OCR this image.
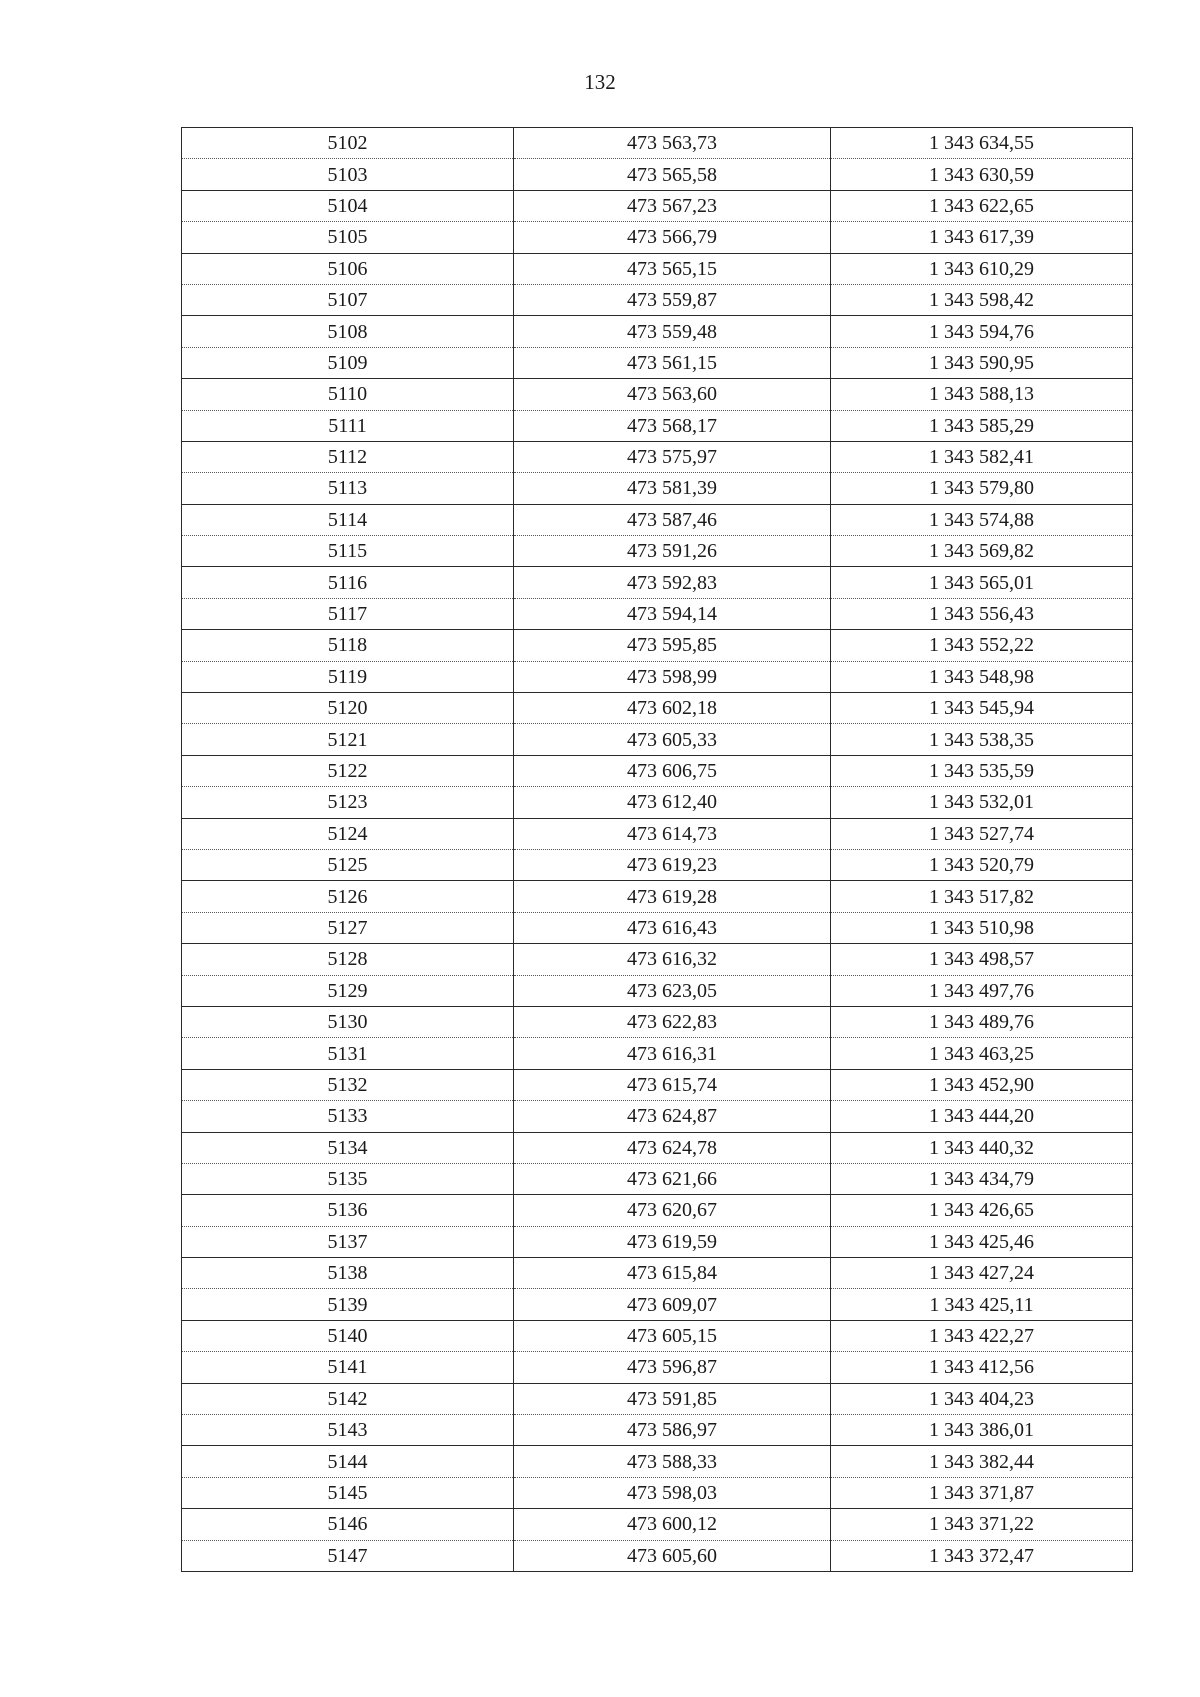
132
5102	473 563,73	1 343 634,55
5103	473 565,58	1 343 630,59
5104	473 567,23	1 343 622,65
5105	473 566,79	1 343 617,39
5106	473 565,15	1 343 610,29
5107	473 559,87	1 343 598,42
5108	473 559,48	1 343 594,76
5109	473 561,15	1 343 590,95
5110	473 563,60	1 343 588,13
5111	473 568,17	1 343 585,29
5112	473 575,97	1 343 582,41
5113	473 581,39	1 343 579,80
5114	473 587,46	1 343 574,88
5115	473 591,26	1 343 569,82
5116	473 592,83	1 343 565,01
5117	473 594,14	1 343 556,43
5118	473 595,85	1 343 552,22
5119	473 598,99	1 343 548,98
5120	473 602,18	1 343 545,94
5121	473 605,33	1 343 538,35
5122	473 606,75	1 343 535,59
5123	473 612,40	1 343 532,01
5124	473 614,73	1 343 527,74
5125	473 619,23	1 343 520,79
5126	473 619,28	1 343 517,82
5127	473 616,43	1 343 510,98
5128	473 616,32	1 343 498,57
5129	473 623,05	1 343 497,76
5130	473 622,83	1 343 489,76
5131	473 616,31	1 343 463,25
5132	473 615,74	1 343 452,90
5133	473 624,87	1 343 444,20
5134	473 624,78	1 343 440,32
5135	473 621,66	1 343 434,79
5136	473 620,67	1 343 426,65
5137	473 619,59	1 343 425,46
5138	473 615,84	1 343 427,24
5139	473 609,07	1 343 425,11
5140	473 605,15	1 343 422,27
5141	473 596,87	1 343 412,56
5142	473 591,85	1 343 404,23
5143	473 586,97	1 343 386,01
5144	473 588,33	1 343 382,44
5145	473 598,03	1 343 371,87
5146	473 600,12	1 343 371,22
5147	473 605,60	1 343 372,47
